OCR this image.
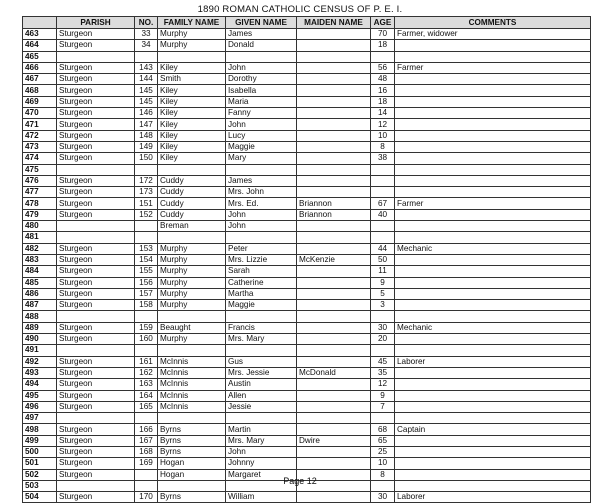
1890 ROMAN CATHOLIC CENSUS OF P. E. I.
	PARISH	NO.	FAMILY NAME	GIVEN NAME	MAIDEN NAME	AGE	COMMENTS
463	Sturgeon	33	Murphy	James		70	Farmer, widower
464	Sturgeon	34	Murphy	Donald		18	
465							
466	Sturgeon	143	Kiley	John		56	Farmer
467	Sturgeon	144	Smith	Dorothy		48	
468	Sturgeon	145	Kiley	Isabella		16	
469	Sturgeon	145	Kiley	Maria		18	
470	Sturgeon	146	Kiley	Fanny		14	
471	Sturgeon	147	Kiley	John		12	
472	Sturgeon	148	Kiley	Lucy		10	
473	Sturgeon	149	Kiley	Maggie		8	
474	Sturgeon	150	Kiley	Mary		38	
475							
476	Sturgeon	172	Cuddy	James			
477	Sturgeon	173	Cuddy	Mrs. John			
478	Sturgeon	151	Cuddy	Mrs. Ed.	Briannon	67	Farmer
479	Sturgeon	152	Cuddy	John	Briannon	40	
480			Breman	John			
481							
482	Sturgeon	153	Murphy	Peter		44	Mechanic
483	Sturgeon	154	Murphy	Mrs. Lizzie	McKenzie	50	
484	Sturgeon	155	Murphy	Sarah		11	
485	Sturgeon	156	Murphy	Catherine		9	
486	Sturgeon	157	Murphy	Martha		5	
487	Sturgeon	158	Murphy	Maggie		3	
488							
489	Sturgeon	159	Beaught	Francis		30	Mechanic
490	Sturgeon	160	Murphy	Mrs. Mary		20	
491							
492	Sturgeon	161	McInnis	Gus		45	Laborer
493	Sturgeon	162	McInnis	Mrs. Jessie	McDonald	35	
494	Sturgeon	163	McInnis	Austin		12	
495	Sturgeon	164	McInnis	Allen		9	
496	Sturgeon	165	McInnis	Jessie		7	
497							
498	Sturgeon	166	Byrns	Martin		68	Captain
499	Sturgeon	167	Byrns	Mrs. Mary	Dwire	65	
500	Sturgeon	168	Byrns	John		25	
501	Sturgeon	169	Hogan	Johnny		10	
502	Sturgeon		Hogan	Margaret		8	
503							
504	Sturgeon	170	Byrns	William		30	Laborer
Page 12
